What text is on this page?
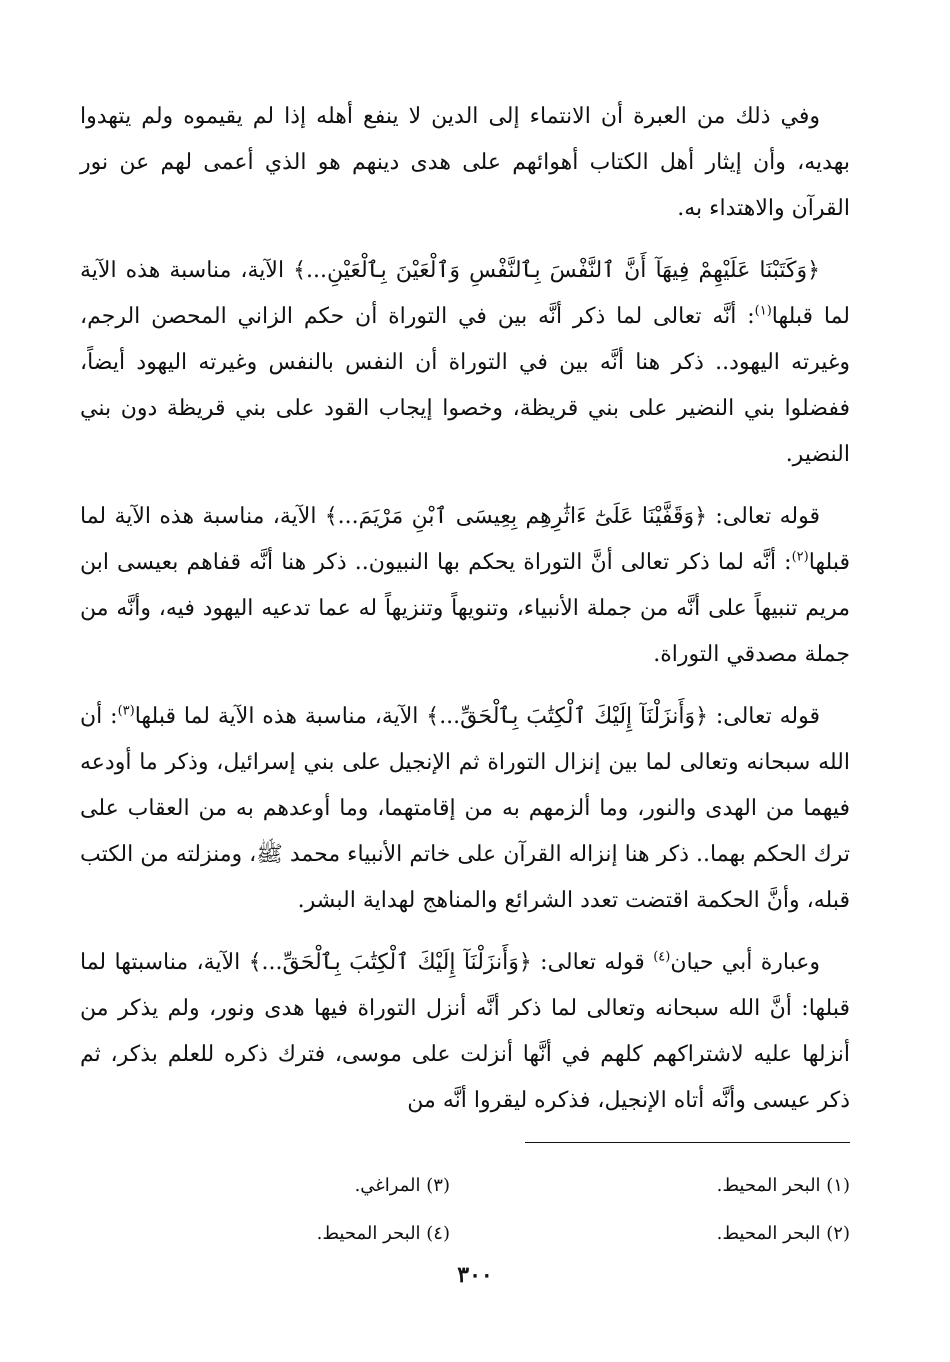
وفي ذلك من العبرة أن الانتماء إلى الدين لا ينفع أهله إذا لم يقيموه ولم يتهدوا بهديه، وأن إيثار أهل الكتاب أهوائهم على هدى دينهم هو الذي أعمى لهم عن نور القرآن والاهتداء به.

﴿وَكَتَبْنَا عَلَيْهِمْ فِيهَآ أَنَّ ٱلنَّفْسَ بِٱلنَّفْسِ وَٱلْعَيْنَ بِٱلْعَيْنِ...﴾ الآية، مناسبة هذه الآية لما قبلها$^{(١)}$: أنَّه تعالى لما ذكر أنَّه بين في التوراة أن حكم الزاني المحصن الرجم، وغيرته اليهود.. ذكر هنا أنَّه بين في التوراة أن النفس بالنفس وغيرته اليهود أيضاً، ففضلوا بني النضير على بني قريظة، وخصوا إيجاب القود على بني قريظة دون بني النضير.

قوله تعالى: ﴿وَقَفَّيْنَا عَلَىٰٓ ءَاثَٰرِهِم بِعِيسَى ٱبْنِ مَرْيَمَ...﴾ الآية، مناسبة هذه الآية لما قبلها$^{(٢)}$: أنَّه لما ذكر تعالى أنَّ التوراة يحكم بها النبيون.. ذكر هنا أنَّه قفاهم بعيسى ابن مريم تنبيهاً على أنَّه من جملة الأنبياء، وتنويهاً وتنزيهاً له عما تدعيه اليهود فيه، وأنَّه من جملة مصدقي التوراة.

قوله تعالى: ﴿وَأَنزَلْنَآ إِلَيْكَ ٱلْكِتَٰبَ بِٱلْحَقِّ...﴾ الآية، مناسبة هذه الآية لما قبلها$^{(٣)}$: أن الله سبحانه وتعالى لما بين إنزال التوراة ثم الإنجيل على بني إسرائيل، وذكر ما أودعه فيهما من الهدى والنور، وما ألزمهم به من إقامتهما، وما أوعدهم به من العقاب على ترك الحكم بهما.. ذكر هنا إنزاله القرآن على خاتم الأنبياء محمد ﷺ، ومنزلته من الكتب قبله، وأنَّ الحكمة اقتضت تعدد الشرائع والمناهج لهداية البشر.

وعبارة أبي حيان$^{(٤)}$ قوله تعالى: ﴿وَأَنزَلْنَآ إِلَيْكَ ٱلْكِتَٰبَ بِٱلْحَقِّ...﴾ الآية، مناسبتها لما قبلها: أنَّ الله سبحانه وتعالى لما ذكر أنَّه أنزل التوراة فيها هدى ونور، ولم يذكر من أنزلها عليه لاشتراكهم كلهم في أنَّها أنزلت على موسى، فترك ذكره للعلم بذكر، ثم ذكر عيسى وأنَّه أتاه الإنجيل، فذكره ليقروا أنَّه من

(١) البحر المحيط.
(٣) المراغي.
(٢) البحر المحيط.
(٤) البحر المحيط.
٣٠٠
